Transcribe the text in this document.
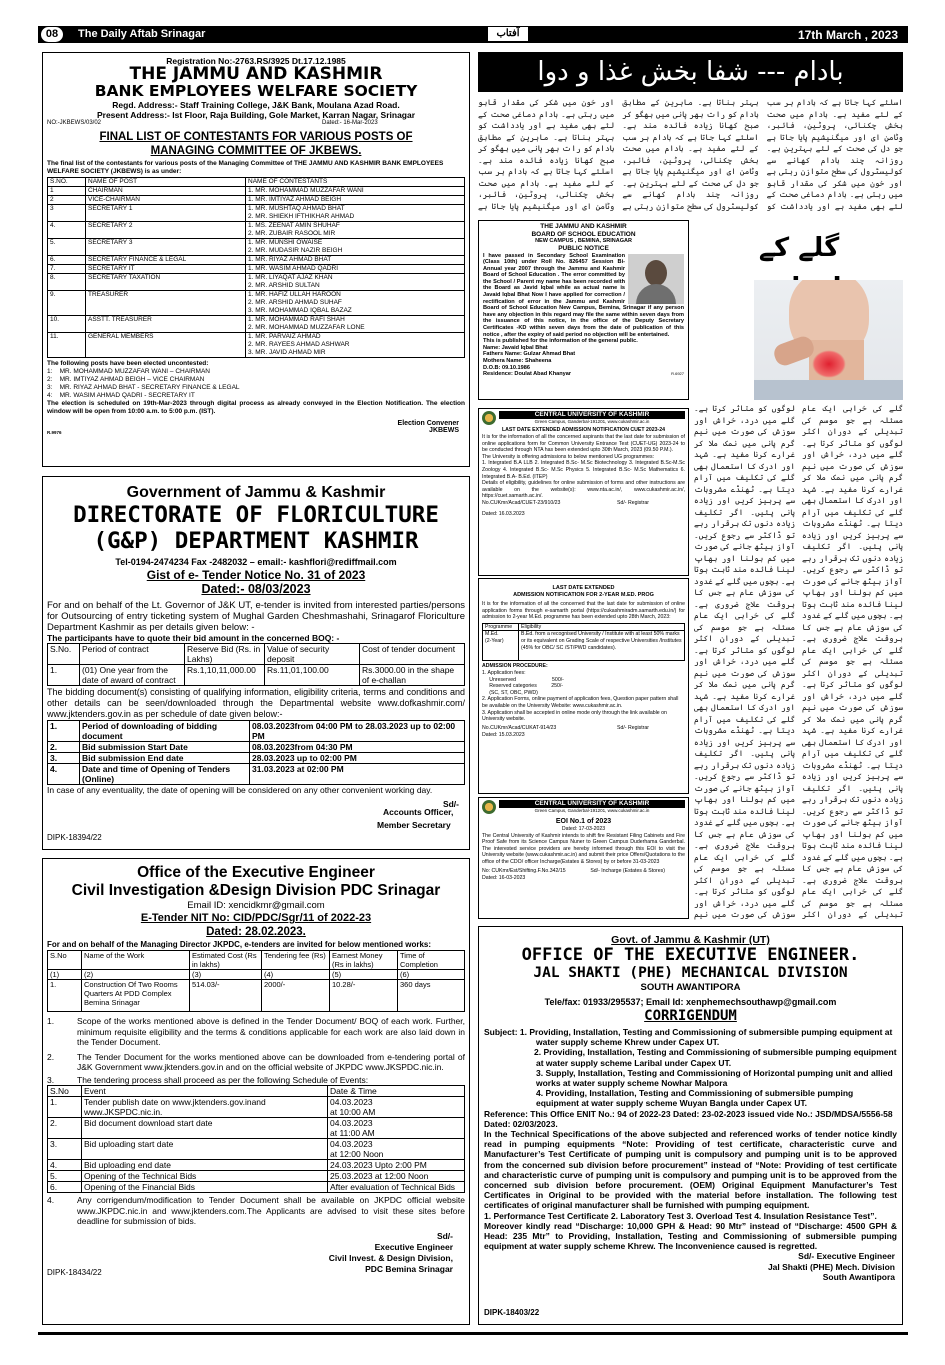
08	The Daily Aftab Srinagar	آفتاب	17th March , 2023
Registration No:-2763.RS/3925 Dt.17.12.1985
THE JAMMU AND KASHMIR
BANK EMPLOYEES WELFARE SOCIETY
Regd. Address:- Staff Training College, J&K Bank, Moulana Azad Road.
Present Address:- Ist Floor, Raja Building, Gole Market, Karran Nagar, Srinagar
NO:-JKBEWS/03/02	Dated:- 16-Mar-2023
FINAL LIST OF CONTESTANTS FOR VARIOUS POSTS OF
MANAGING COMMITTEE OF JKBEWS.
The final list of the contestants for various posts of the Managing Committee of THE JAMMU AND KASHMIR BANK EMPLOYEES WELFARE SOCIETY (JKBEWS) is as under:
S.NO.	NAME OF POST	NAME OF CONTESTANTS
1	CHAIRMAN	1. MR. MOHAMMAD MUZZAFAR WANI
2	VICE-CHAIRMAN	1. MR. IMTIYAZ AHMAD BEIGH
3	SECRETARY 1	1. MR. MUSHTAQ AHMAD BHAT
2. MR. SHIEKH IFTHIKHAR AHMAD
4.	SECRETARY 2	1. MS. ZEENAT AMIN SHUHAF
2. MR. ZUBAIR RASOOL MIR
5.	SECRETARY 3	1. MR. MUNSHI OWAISE
2. MR. MUDASIR NAZIR BEIGH
6.	SECRETARY FINANCE & LEGAL	1. MR. RIYAZ AHMAD BHAT
7.	SECRETARY IT	1. MR. WASIM AHMAD QADRI
8.	SECRETARY TAXATION	1. MR. LIYAQAT AJAZ KHAN
2. MR. ARSHID SULTAN
9.	TREASURER	1. MR. HAFIZ ULLAH HAROON
2. MR. ARSHID AHMAD SUHAF
3. MR. MOHAMMAD IQBAL BAZAZ
10.	ASSTT. TREASURER	1. MR. MOHAMMAD RAFI SHAH
2. MR. MOHAMMAD MUZZAFAR LONE
11.	GENERAL MEMBERS	1. MR. PARVAIZ AHMAD
2. MR. RAYEES AHMAD ASHWAR
3. MR. JAVID AHMAD MIR
The following posts have been elected uncontested:
1:    MR. MOHAMMAD MUZZAFAR WANI – CHAIRMAN
2:    MR. IMTIYAZ AHMAD BEIGH – VICE CHAIRMAN
3:    MR. RIYAZ AHMAD BHAT - SECRETARY FINANCE & LEGAL
4:    MR. WASIM AHMAD QADRI - SECRETARY IT
The election is scheduled on 19th-Mar-2023 through digital process as already conveyed in the Election Notification. The election window will be open from 10:00 a.m. to 5:00 p.m. (IST).
Election Convener
R.9976	JKBEWS
Government of Jammu & Kashmir
DIRECTORATE OF FLORICULTURE
(G&P) DEPARTMENT KASHMIR
Tel-0194-2474234 Fax -2482032 – email:- kashflori@rediffmail.com
Gist of e- Tender Notice No. 31 of 2023
Dated:- 08/03/2023
For and on behalf of the Lt. Governor of J&K UT, e-tender is invited from interested parties/persons for Outsourcing of entry ticketing system of Mughal Garden Cheshmashahi, Srinagarof Floriculture Department Kashmir as per details given below: -
The participants have to quote their bid amount in the concerned BOQ: -
S.No.	Period of contract	Reserve Bid (Rs. in Lakhs)	Value of security deposit	Cost of tender document
1.	(01) One year from the date of award of contract	Rs.1,10,11,000.00	Rs.11,01,100.00	Rs.3000.00 in the shape of e-challan
The bidding document(s) consisting of qualifying information, eligibility criteria, terms and conditions and other details can be seen/downloaded through the Departmental website www.dofkashmir.com/ www.jktenders.gov.in as per schedule of date given below:-
1.	Period of downloading of bidding document	08.03.2023from 04:00 PM to 28.03.2023 up to 02:00 PM
2.	Bid submission Start Date	08.03.2023from 04:30 PM
3.	Bid submission End date	28.03.2023 up to 02:00 PM
4.	Date and time of Opening of Tenders (Online)	31.03.2023 at 02:00 PM
In case of any eventuality, the date of opening will be considered on any other convenient working day.
Sd/-
Accounts Officer,
Member Secretary
DIPK-18394/22
Office of the Executive Engineer
Civil Investigation &Design Division PDC Srinagar
Email ID: xencidkmr@gmail.com
E-Tender NIT No: CID/PDC/Sgr/11 of 2022-23
Dated: 28.02.2023.
For and on behalf of the Managing Director JKPDC, e-tenders are invited for below mentioned works:
S.No	Name of the Work	Estimated Cost (Rs in lakhs)	Tendering fee (Rs)	Earnest Money (Rs in lakhs)	Time of Completion
(1)	(2)	(3)	(4)	(5)	(6)
1.	Construction Of Two Rooms Quarters At PDD Complex Bemina Srinagar	514.03/-	2000/-	10.28/-	360 days
1.	Scope of the works mentioned above is defined in the Tender Document/ BOQ of each work. Further, minimum requisite eligibility and the terms & conditions applicable for each work are also laid down in the Tender Document.
2.	The Tender Document for the works mentioned above can be downloaded from e-tendering portal of J&K Government www.jktenders.gov.in and on the official website of JKPDC www.JKSPDC.nic.in.
3.	The tendering process shall proceed as per the following Schedule of Events:
S.No	Event	Date & Time
1.	Tender publish date on www.jktenders.gov.inand www.JKSPDC.nic.in.	04.03.2023
at 10:00 AM
2.	Bid document download start date	04.03.2023
at 11:00 AM
3.	Bid uploading start date	04.03.2023
at 12:00 Noon
4.	Bid uploading end date	24.03.2023 Upto 2:00 PM
5.	Opening of the Technical Bids	25.03.2023 at 12:00 Noon
6.	Opening of the Financial Bids	After evaluation of Technical Bids
4.	Any corrigendum/modification to Tender Document shall be available on JKPDC official website www.JKPDC.nic.in and www.jktenders.com.The Applicants are advised to visit these sites before deadline for submission of bids.
Sd/-
Executive Engineer
Civil Invest. & Design Division,
DIPK-18434/22	PDC Bemina Srinagar
بادام --- شفا بخش غذا و دوا
اسلئے کہا جاتا ہے کہ بادام ہر سب کے لئے مفید ہے۔ بادام میں صحت بخش چکنائی، پروٹین، فائبر، وٹامن ای اور میگنیشیم پایا جاتا ہے جو دل کی صحت کے لئے بہترین ہے۔ روزانہ چند بادام کھانے سے کولیسٹرول کی سطح متوازن رہتی ہے اور خون میں شکر کی مقدار قابو میں رہتی ہے۔ بادام دماغی صحت کے لئے بھی مفید ہے اور یادداشت کو بہتر بناتا ہے۔ ماہرین کے مطابق بادام کو رات بھر پانی میں بھگو کر صبح کھانا زیادہ فائدہ مند ہے۔ اسلئے کہا جاتا ہے کہ بادام ہر سب کے لئے مفید ہے۔ بادام میں صحت بخش چکنائی، پروٹین، فائبر، وٹامن ای اور میگنیشیم پایا جاتا ہے جو دل کی صحت کے لئے بہترین ہے۔ روزانہ چند بادام کھانے سے کولیسٹرول کی سطح متوازن رہتی ہے اور خون میں شکر کی مقدار قابو میں رہتی ہے۔ بادام دماغی صحت کے لئے بھی مفید ہے اور یادداشت کو بہتر بناتا ہے۔ ماہرین کے مطابق بادام کو رات بھر پانی میں بھگو کر صبح کھانا زیادہ فائدہ مند ہے۔ اسلئے کہا جاتا ہے کہ بادام ہر سب کے لئے مفید ہے۔ بادام میں صحت بخش چکنائی، پروٹین، فائبر، وٹامن ای اور میگنیشیم پایا جاتا ہے
THE JAMMU AND KASHMIR
BOARD OF SCHOOL EDUCATION
NEW CAMPUS , BEMINA, SRINAGAR
PUBLIC NOTICE
I have passed in Secondary School Examination (Class 10th) under Roll No. 826457 Session Bi-Annual year 2007 through the Jammu and Kashmir Board of School Education . The error committed by the School / Parent my name has been recorded with the Board as Javid Iqbal while as actual name is Javaid Iqbal Bhat Now I have applied for correction / rectification of error in the Jammu and Kashmir Board of School Education New Campus, Bemina, Srinagar if any person have any objection in this regard may file the same within seven days from the issuance of this notice, in the office of the Deputy Secretary Certificates -KD within seven days from the date of publication of this notice , after the expiry of said period no objection will be entertained.
This is published for the information of the general public.
Name: Javaid Iqbal Bhat
Fathers Name: Gulzar Ahmad Bhat
Mothera Name: Shaheena
D.O.B: 09.10.1986
Residence: Doulat Abad Khanyar	R.6927
گلے کے
گلے کی خرابی ایک عام مسئلہ ہے جو موسم کی تبدیلی کے دوران اکثر لوگوں کو متاثر کرتا ہے۔ گلے میں درد، خراش اور سوزش کی صورت میں نیم گرم پانی میں نمک ملا کر غرارے کرنا مفید ہے۔ شہد اور ادرک کا استعمال بھی گلے کی تکلیف میں آرام دیتا ہے۔ ٹھنڈے مشروبات سے پرہیز کریں اور زیادہ پانی پئیں۔ اگر تکلیف زیادہ دنوں تک برقرار رہے تو ڈاکٹر سے رجوع کریں۔ آواز بیٹھ جانے کی صورت میں کم بولنا اور بھاپ لینا فائدہ مند ثابت ہوتا ہے۔ بچوں میں گلے کے غدود کی سوزش عام ہے جس کا بروقت علاج ضروری ہے۔ گلے کی خرابی ایک عام مسئلہ ہے جو موسم کی تبدیلی کے دوران اکثر لوگوں کو متاثر کرتا ہے۔ گلے میں درد، خراش اور سوزش کی صورت میں نیم گرم پانی میں نمک ملا کر غرارے کرنا مفید ہے۔ شہد اور ادرک کا استعمال بھی گلے کی تکلیف میں آرام دیتا ہے۔ ٹھنڈے مشروبات سے پرہیز کریں اور زیادہ پانی پئیں۔ اگر تکلیف زیادہ دنوں تک برقرار رہے تو ڈاکٹر سے رجوع کریں۔ آواز بیٹھ جانے کی صورت میں کم بولنا اور بھاپ لینا فائدہ مند ثابت ہوتا ہے۔ بچوں میں گلے کے غدود کی سوزش عام ہے جس کا بروقت علاج ضروری ہے۔ گلے کی خرابی ایک عام مسئلہ ہے جو موسم کی تبدیلی کے دوران اکثر لوگوں کو متاثر کرتا ہے۔ گلے میں درد، خراش اور سوزش کی صورت میں نیم گرم پانی میں نمک ملا کر غرارے کرنا مفید ہے۔ شہد اور ادرک کا استعمال بھی گلے کی تکلیف میں آرام دیتا ہے۔ ٹھنڈے مشروبات سے پرہیز کریں اور زیادہ پانی پئیں۔ اگر تکلیف زیادہ دنوں تک برقرار رہے تو ڈاکٹر سے رجوع کریں۔ آواز بیٹھ جانے کی صورت میں کم بولنا اور بھاپ لینا فائدہ مند ثابت ہوتا ہے۔ بچوں میں گلے کے غدود کی سوزش عام ہے جس کا بروقت علاج ضروری ہے۔ گلے کی خرابی ایک عام مسئلہ ہے جو موسم کی تبدیلی کے دوران اکثر لوگوں کو متاثر کرتا ہے۔ گلے میں درد، خراش اور سوزش کی صورت میں نیم گرم پانی میں نمک ملا کر غرارے کرنا مفید ہے۔ شہد اور ادرک کا استعمال بھی گلے کی تکلیف میں آرام دیتا ہے۔ ٹھنڈے مشروبات سے پرہیز کریں اور زیادہ پانی پئیں۔ اگر تکلیف زیادہ دنوں تک برقرار رہے تو ڈاکٹر سے رجوع کریں۔ آواز بیٹھ جانے کی صورت میں کم بولنا اور بھاپ لینا فائدہ مند ثابت ہوتا ہے۔ بچوں میں گلے کے غدود کی سوزش عام ہے جس کا بروقت علاج ضروری ہے۔ گلے کی خرابی ایک عام مسئلہ ہے جو موسم کی تبدیلی کے دوران اکثر لوگوں کو متاثر کرتا ہے۔ گلے میں درد، خراش اور سوزش کی صورت میں نیم
CENTRAL UNIVERSITY OF KASHMIR
Green Campus, Ganderbal-191201, www.cukashmir.ac.in
LAST DATE EXTENDED ADMISSION NOTIFICATION CUET 2023-24
It is for the information of all the concerned aspirants that the last date for submission of online applications form for Common University Entrance Test (CUET-UG) 2023-24 to be conducted through NTA has been extended upto 30th March, 2023 (09.50 P.M.).
The University is offering admissions to below mentioned UG programmes:
1. Integrated B.A LLB 2. Integrated B.Sc- M.Sc Biotechnology 3. Integrated B.Sc-M.Sc Zoology 4. Integrated B.Sc- M.Sc Physics 5. Integrated B.Sc- M.Sc Mathematics 6. Integrated B.A- B.Ed. (ITEP)
Details of eligibility, guidelines for online submission of forms and other instructions are available on the website(s): www.nta.ac.in/, www.cukashmir.ac.in/, https://cuet.samarth.ac.in/.
No.CUKmr/Acad/CUET-23/910/23	Sd/- Registrar
Dated: 16.03.2023
LAST DATE EXTENDED
ADMISSION NOTIFICATION FOR 2-YEAR M.ED. PROG
It is for the information of all the concerned that the last date for submission of online application forms through e-samarth portal (https://cukashmiradm.samarth.edu.in/) for admission to 2-year M.Ed. programme has been extended upto 28th March, 2023:
Programme	Eligibility
M.Ed.
(2-Year)	B.Ed. from a recognised University / Institute with at least 50% marks or its equivalent on Grading Scale of respective Universities /Institutes (45% for OBC/ SC /ST/PWD candidates).
ADMISSION PROCEDURE:
1. Application fees:
Unreserved                         500/-
Reserved categories          250/-
(SC, ST, OBC, PWD)
2. Application Forms, online payment of application fees, Question paper pattern shall be available on the University Website: www.cukashmir.ac.in.
3. Application shall be accepted in online mode only through the link available on University website.
No.CUKmr/Acad/CUKAT-914/23	Sd/- Registrar
Dated: 15.03.2023
CENTRAL UNIVERSITY OF KASHMIR
Green Campus, Ganderbal-191201, www.cukashmir.ac.in
EOI No.1 of 2023
Dated: 17-03-2023
The Central University of Kashmir intends to shift fire Resistant Filing Cabinets and Fire Proof Safe from its Science Campus Nuner to Green Campus Duderhama Ganderbal. The interested service providers are hereby informed through this EOI to visit the University website (www.cukashmir.ac.in) and submit their price Offers/Quotations to the office of the CDO/ officer Incharge(Estates & Stores) by or before 31-03-2023
No: CUKmr/Est/Shifting.F.No.342/15	Sd/- Incharge (Estates & Stores)
Dated: 16-03-2023
Govt. of Jammu & Kashmir (UT)
OFFICE OF THE EXECUTIVE ENGINEER.
JAL SHAKTI (PHE) MECHANICAL DIVISION
SOUTH AWANTIPORA
Tele/fax: 01933/295537; Email Id: xenphemechsouthawp@gmail.com
CORRIGENDUM
Subject: 1. Providing, Installation, Testing and Commissioning of submersible pumping equipment at water supply scheme Khrew under Capex UT.
2. Providing, Installation, Testing and Commissioning of submersible pumping equipment at water supply scheme Laribal under Capex UT.
3. Supply, Installation, Testing and Commissioning of Horizontal pumping unit and allied works at water supply scheme Nowhar Malpora
4. Providing, Installation, Testing and Commissioning of submersible pumping equipment at water supply scheme Wuyan Bangla under Capex UT.
Reference: This Office ENIT No.: 94 of 2022-23 Dated: 23-02-2023 issued vide No.: JSD/MDSA/5556-58 Dated: 02/03/2023.
In the Technical Specifications of the above subjected and referenced works of tender notice kindly read in pumping equipments “Note: Providing of test certificate, characteristic curve and Manufacturer’s Test Certificate of pumping unit is compulsory and pumping unit is to be approved from the concerned sub division before procurement” instead of “Note: Providing of test certificate and characteristic curve of pumping unit is compulsory and pumping unit is to be approved from the concerned sub division before procurement. (OEM) Original Equipment Manufacturer’s Test Certificates in Original to be provided with the material before installation. The following test certificates of original manufacturer shall be furnished with pumping equipment.
1. Performance Test Certificate 2. Laboratory Test 3. Overload Test 4. Insulation Resistance Test”.
Moreover kindly read “Discharge: 10,000 GPH & Head: 90 Mtr” instead of “Discharge: 4500 GPH & Head: 235 Mtr” to Providing, Installation, Testing and Commissioning of submersible pumping equipment at water supply scheme Khrew. The Inconvenience caused is regretted.
Sd/- Executive Engineer
Jal Shakti (PHE) Mech. Division
South Awantipora
DIPK-18403/22
